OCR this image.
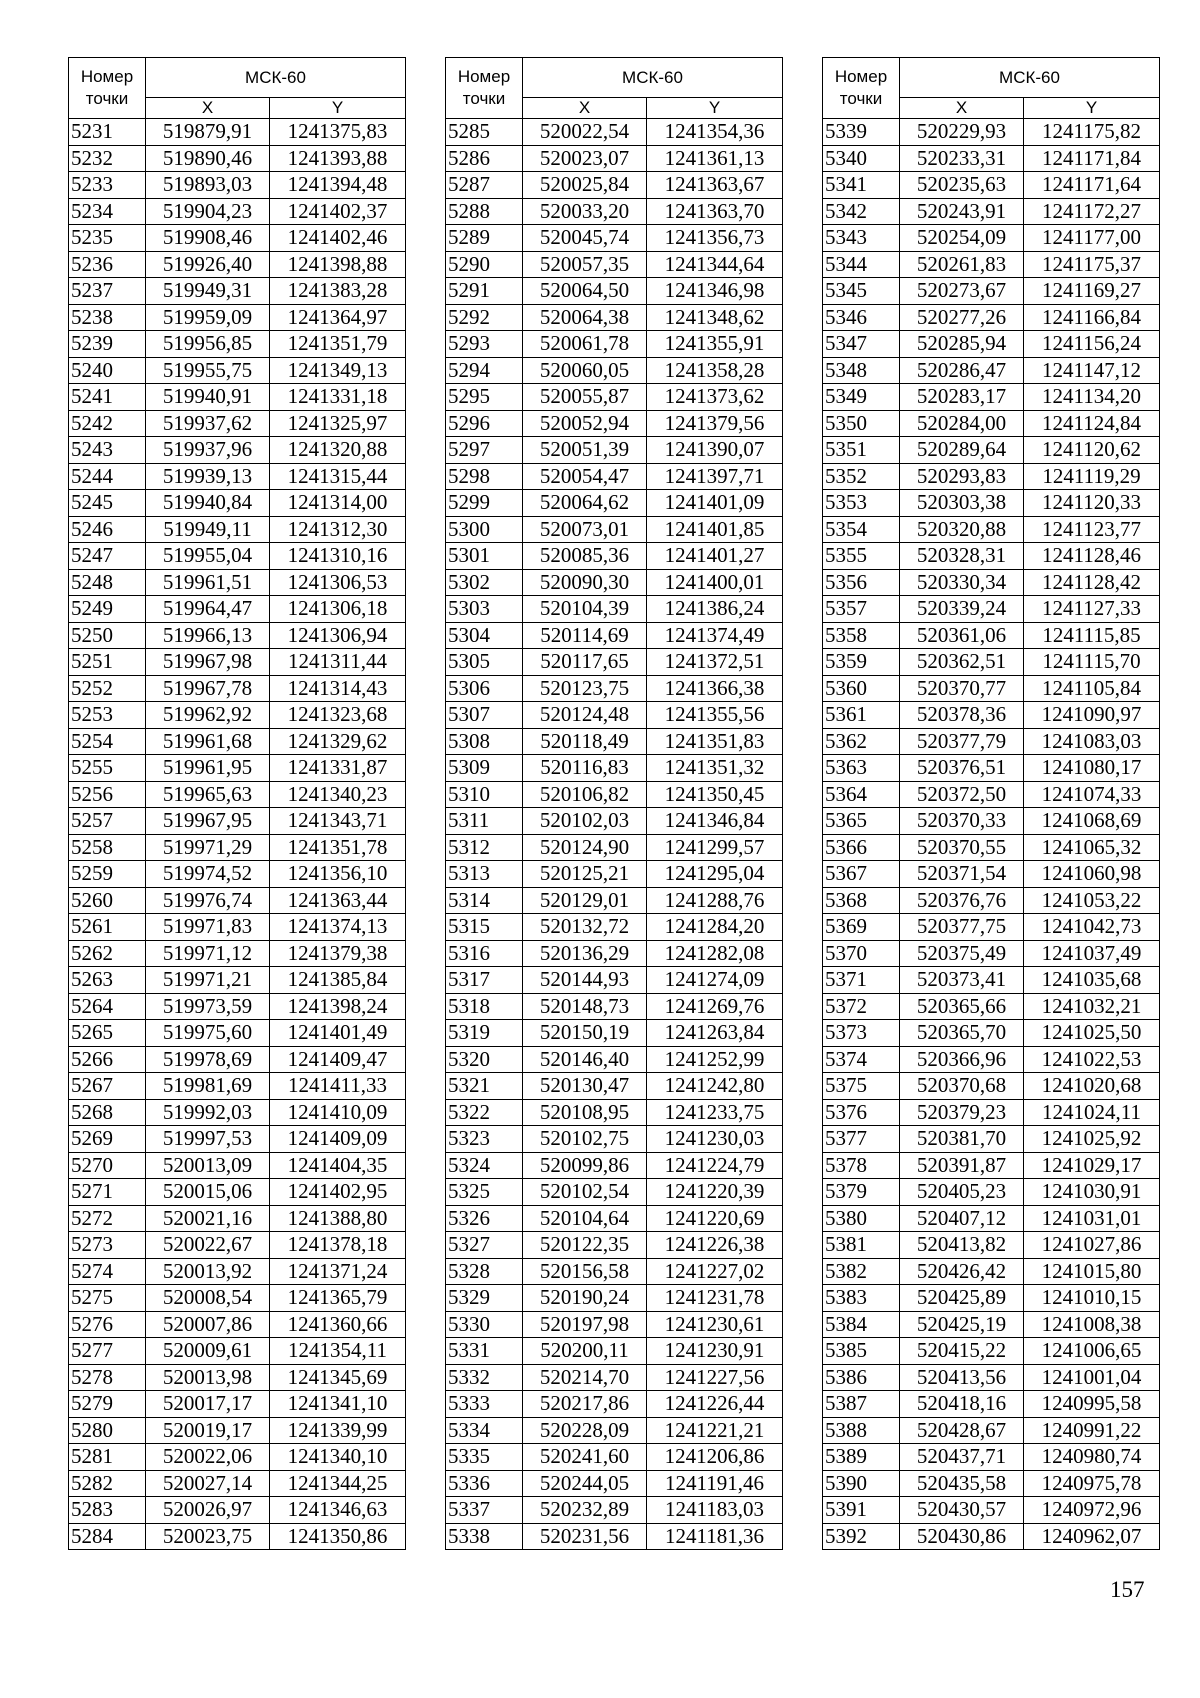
Номер
точки	МСК-60	
	X	Y
5231	519879,91	1241375,83
5232	519890,46	1241393,88
5233	519893,03	1241394,48
5234	519904,23	1241402,37
5235	519908,46	1241402,46
5236	519926,40	1241398,88
5237	519949,31	1241383,28
5238	519959,09	1241364,97
5239	519956,85	1241351,79
5240	519955,75	1241349,13
5241	519940,91	1241331,18
5242	519937,62	1241325,97
5243	519937,96	1241320,88
5244	519939,13	1241315,44
5245	519940,84	1241314,00
5246	519949,11	1241312,30
5247	519955,04	1241310,16
5248	519961,51	1241306,53
5249	519964,47	1241306,18
5250	519966,13	1241306,94
5251	519967,98	1241311,44
5252	519967,78	1241314,43
5253	519962,92	1241323,68
5254	519961,68	1241329,62
5255	519961,95	1241331,87
5256	519965,63	1241340,23
5257	519967,95	1241343,71
5258	519971,29	1241351,78
5259	519974,52	1241356,10
5260	519976,74	1241363,44
5261	519971,83	1241374,13
5262	519971,12	1241379,38
5263	519971,21	1241385,84
5264	519973,59	1241398,24
5265	519975,60	1241401,49
5266	519978,69	1241409,47
5267	519981,69	1241411,33
5268	519992,03	1241410,09
5269	519997,53	1241409,09
5270	520013,09	1241404,35
5271	520015,06	1241402,95
5272	520021,16	1241388,80
5273	520022,67	1241378,18
5274	520013,92	1241371,24
5275	520008,54	1241365,79
5276	520007,86	1241360,66
5277	520009,61	1241354,11
5278	520013,98	1241345,69
5279	520017,17	1241341,10
5280	520019,17	1241339,99
5281	520022,06	1241340,10
5282	520027,14	1241344,25
5283	520026,97	1241346,63
5284	520023,75	1241350,86
Номер
точки	МСК-60	
	X	Y
5285	520022,54	1241354,36
5286	520023,07	1241361,13
5287	520025,84	1241363,67
5288	520033,20	1241363,70
5289	520045,74	1241356,73
5290	520057,35	1241344,64
5291	520064,50	1241346,98
5292	520064,38	1241348,62
5293	520061,78	1241355,91
5294	520060,05	1241358,28
5295	520055,87	1241373,62
5296	520052,94	1241379,56
5297	520051,39	1241390,07
5298	520054,47	1241397,71
5299	520064,62	1241401,09
5300	520073,01	1241401,85
5301	520085,36	1241401,27
5302	520090,30	1241400,01
5303	520104,39	1241386,24
5304	520114,69	1241374,49
5305	520117,65	1241372,51
5306	520123,75	1241366,38
5307	520124,48	1241355,56
5308	520118,49	1241351,83
5309	520116,83	1241351,32
5310	520106,82	1241350,45
5311	520102,03	1241346,84
5312	520124,90	1241299,57
5313	520125,21	1241295,04
5314	520129,01	1241288,76
5315	520132,72	1241284,20
5316	520136,29	1241282,08
5317	520144,93	1241274,09
5318	520148,73	1241269,76
5319	520150,19	1241263,84
5320	520146,40	1241252,99
5321	520130,47	1241242,80
5322	520108,95	1241233,75
5323	520102,75	1241230,03
5324	520099,86	1241224,79
5325	520102,54	1241220,39
5326	520104,64	1241220,69
5327	520122,35	1241226,38
5328	520156,58	1241227,02
5329	520190,24	1241231,78
5330	520197,98	1241230,61
5331	520200,11	1241230,91
5332	520214,70	1241227,56
5333	520217,86	1241226,44
5334	520228,09	1241221,21
5335	520241,60	1241206,86
5336	520244,05	1241191,46
5337	520232,89	1241183,03
5338	520231,56	1241181,36
Номер
точки	МСК-60	
	X	Y
5339	520229,93	1241175,82
5340	520233,31	1241171,84
5341	520235,63	1241171,64
5342	520243,91	1241172,27
5343	520254,09	1241177,00
5344	520261,83	1241175,37
5345	520273,67	1241169,27
5346	520277,26	1241166,84
5347	520285,94	1241156,24
5348	520286,47	1241147,12
5349	520283,17	1241134,20
5350	520284,00	1241124,84
5351	520289,64	1241120,62
5352	520293,83	1241119,29
5353	520303,38	1241120,33
5354	520320,88	1241123,77
5355	520328,31	1241128,46
5356	520330,34	1241128,42
5357	520339,24	1241127,33
5358	520361,06	1241115,85
5359	520362,51	1241115,70
5360	520370,77	1241105,84
5361	520378,36	1241090,97
5362	520377,79	1241083,03
5363	520376,51	1241080,17
5364	520372,50	1241074,33
5365	520370,33	1241068,69
5366	520370,55	1241065,32
5367	520371,54	1241060,98
5368	520376,76	1241053,22
5369	520377,75	1241042,73
5370	520375,49	1241037,49
5371	520373,41	1241035,68
5372	520365,66	1241032,21
5373	520365,70	1241025,50
5374	520366,96	1241022,53
5375	520370,68	1241020,68
5376	520379,23	1241024,11
5377	520381,70	1241025,92
5378	520391,87	1241029,17
5379	520405,23	1241030,91
5380	520407,12	1241031,01
5381	520413,82	1241027,86
5382	520426,42	1241015,80
5383	520425,89	1241010,15
5384	520425,19	1241008,38
5385	520415,22	1241006,65
5386	520413,56	1241001,04
5387	520418,16	1240995,58
5388	520428,67	1240991,22
5389	520437,71	1240980,74
5390	520435,58	1240975,78
5391	520430,57	1240972,96
5392	520430,86	1240962,07
157
